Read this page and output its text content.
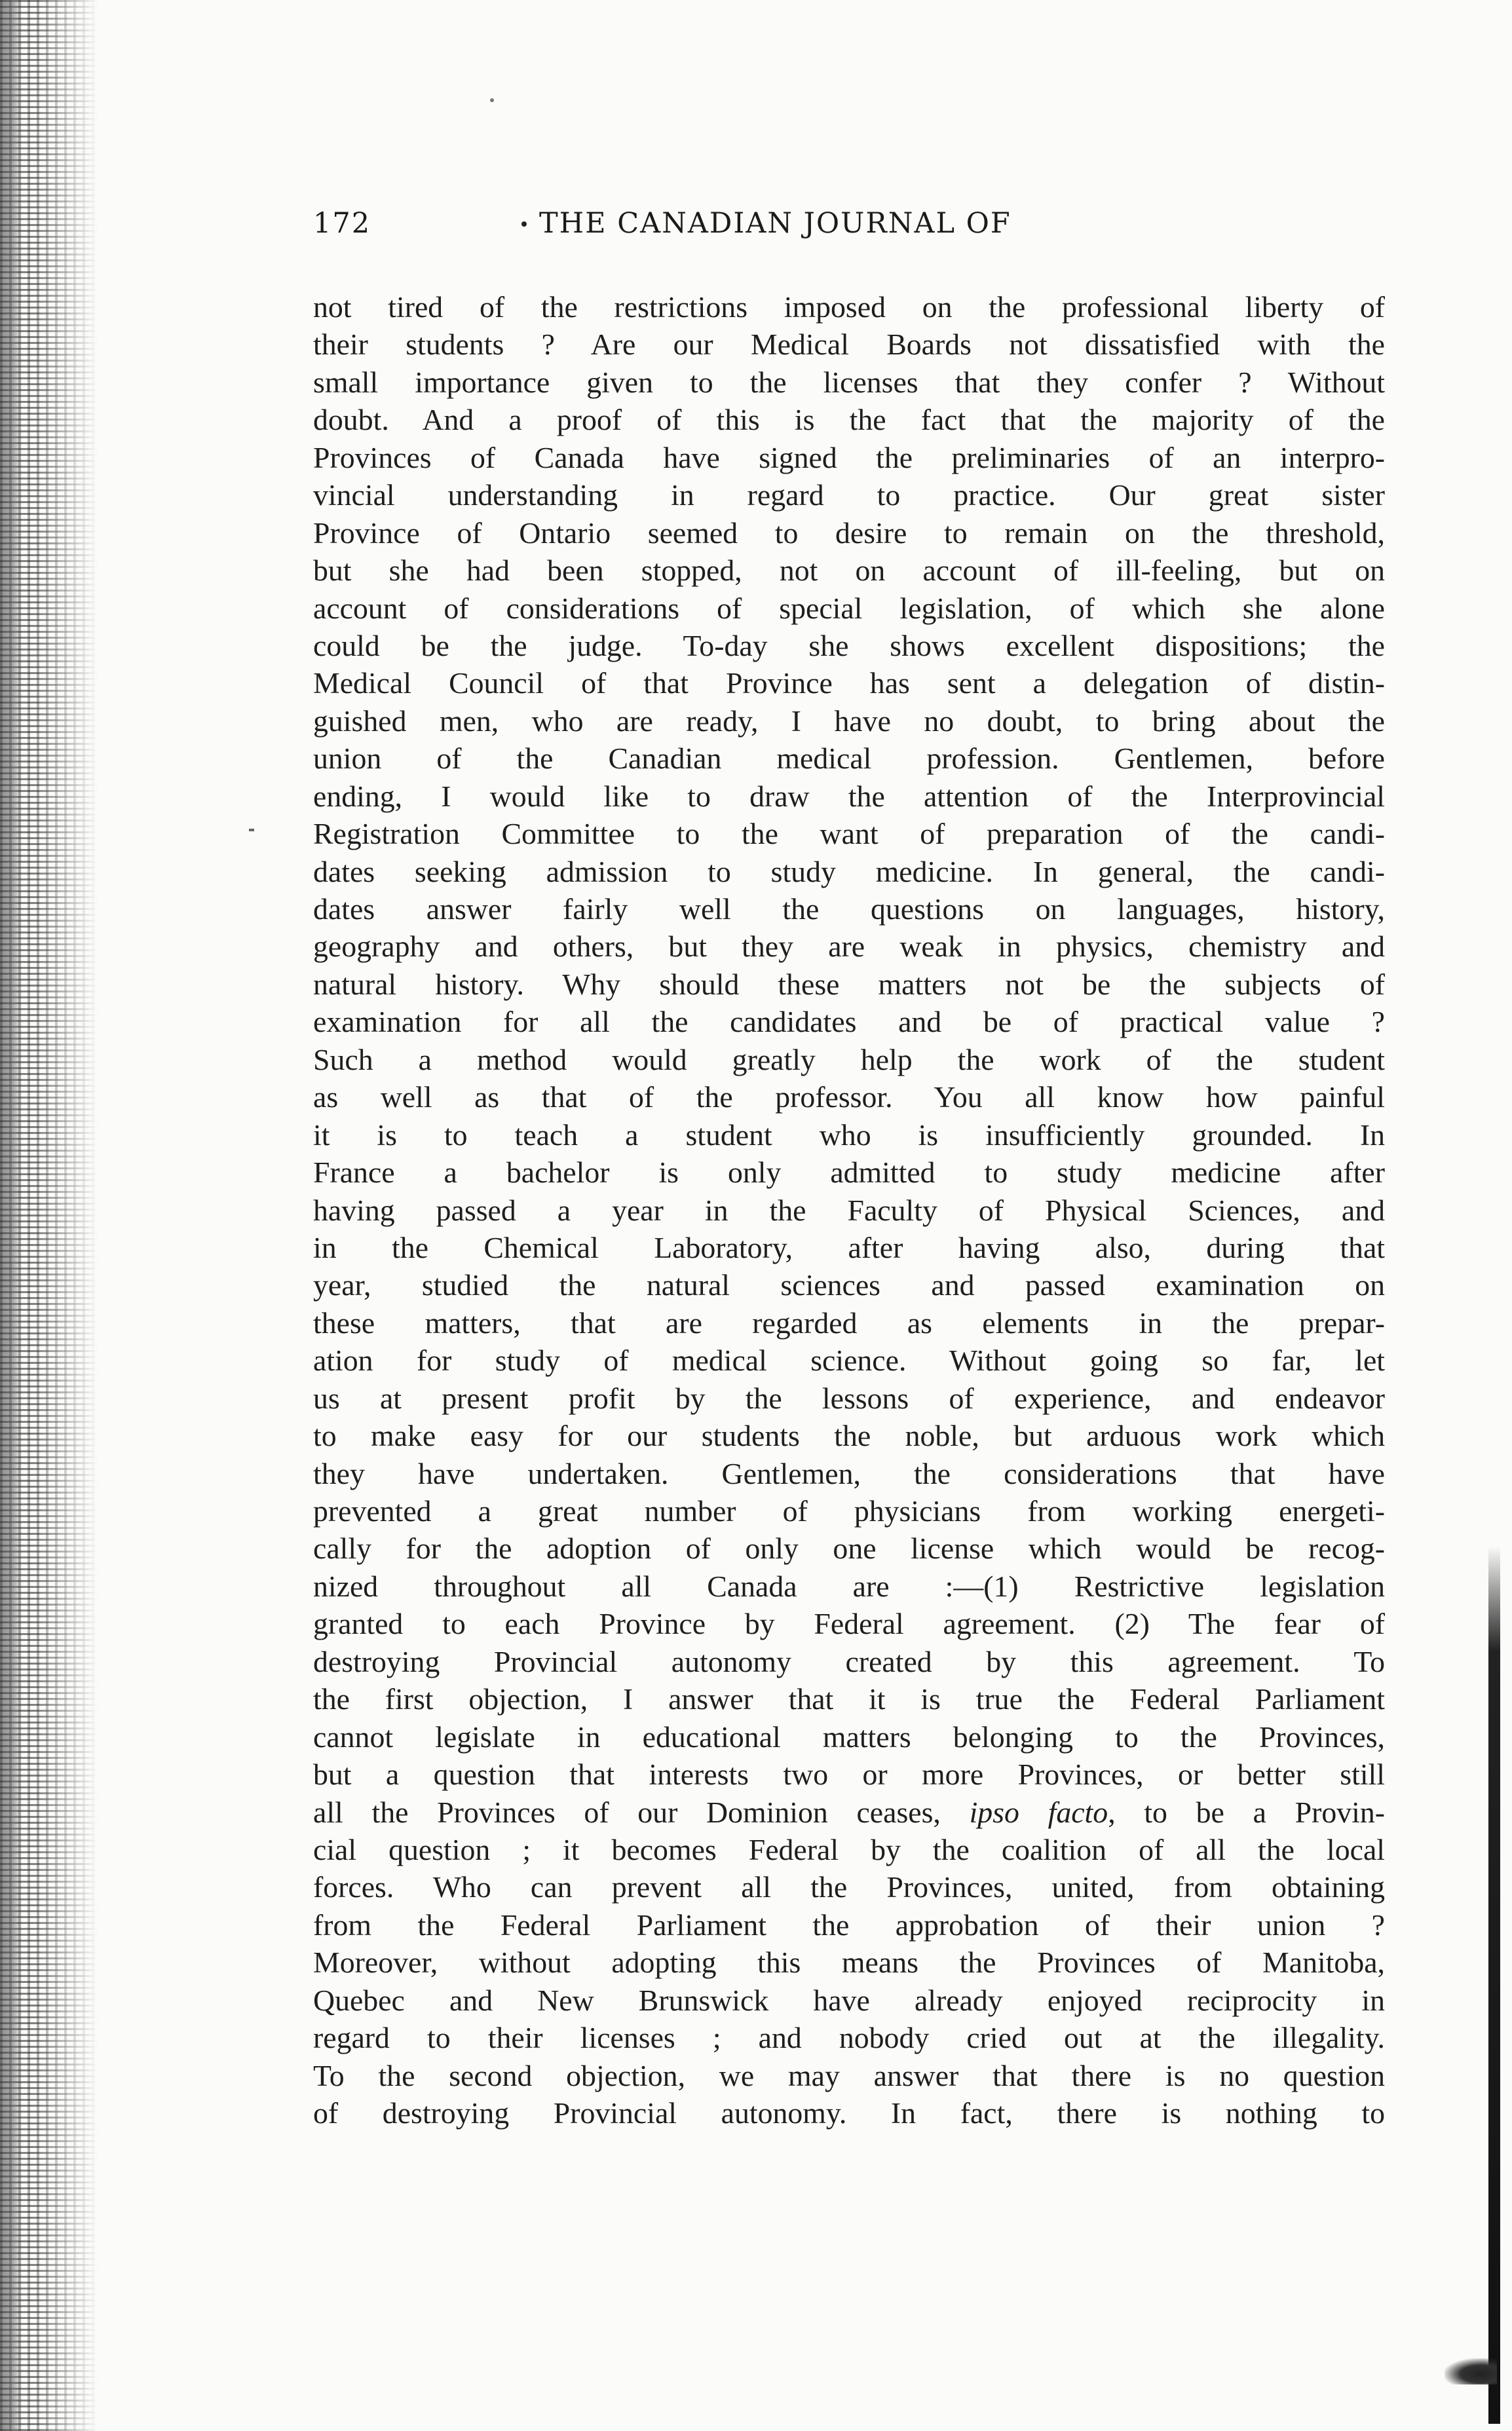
172	THE CANADIAN JOURNAL OF
not tired of the restrictions imposed on the professional liberty of
their students ? Are our Medical Boards not dissatisfied with the
small importance given to the licenses that they confer ? Without
doubt. And a proof of this is the fact that the majority of the
Provinces of Canada have signed the preliminaries of an interpro-
vincial understanding in regard to practice. Our great sister
Province of Ontario seemed to desire to remain on the threshold,
but she had been stopped, not on account of ill-feeling, but on
account of considerations of special legislation, of which she alone
could be the judge. To-day she shows excellent dispositions; the
Medical Council of that Province has sent a delegation of distin-
guished men, who are ready, I have no doubt, to bring about the
union of the Canadian medical profession. Gentlemen, before
ending, I would like to draw the attention of the Interprovincial
Registration Committee to the want of preparation of the candi-
dates seeking admission to study medicine. In general, the candi-
dates answer fairly well the questions on languages, history,
geography and others, but they are weak in physics, chemistry and
natural history. Why should these matters not be the subjects of
examination for all the candidates and be of practical value ?
Such a method would greatly help the work of the student
as well as that of the professor. You all know how painful
it is to teach a student who is insufficiently grounded. In
France a bachelor is only admitted to study medicine after
having passed a year in the Faculty of Physical Sciences, and
in the Chemical Laboratory, after having also, during that
year, studied the natural sciences and passed examination on
these matters, that are regarded as elements in the prepar-
ation for study of medical science. Without going so far, let
us at present profit by the lessons of experience, and endeavor
to make easy for our students the noble, but arduous work which
they have undertaken. Gentlemen, the considerations that have
prevented a great number of physicians from working energeti-
cally for the adoption of only one license which would be recog-
nized throughout all Canada are :—(1) Restrictive legislation
granted to each Province by Federal agreement. (2) The fear of
destroying Provincial autonomy created by this agreement. To
the first objection, I answer that it is true the Federal Parliament
cannot legislate in educational matters belonging to the Provinces,
but a question that interests two or more Provinces, or better still
all the Provinces of our Dominion ceases, ipso facto, to be a Provin-
cial question ; it becomes Federal by the coalition of all the local
forces. Who can prevent all the Provinces, united, from obtaining
from the Federal Parliament the approbation of their union ?
Moreover, without adopting this means the Provinces of Manitoba,
Quebec and New Brunswick have already enjoyed reciprocity in
regard to their licenses ; and nobody cried out at the illegality.
To the second objection, we may answer that there is no question
of destroying Provincial autonomy. In fact, there is nothing to
